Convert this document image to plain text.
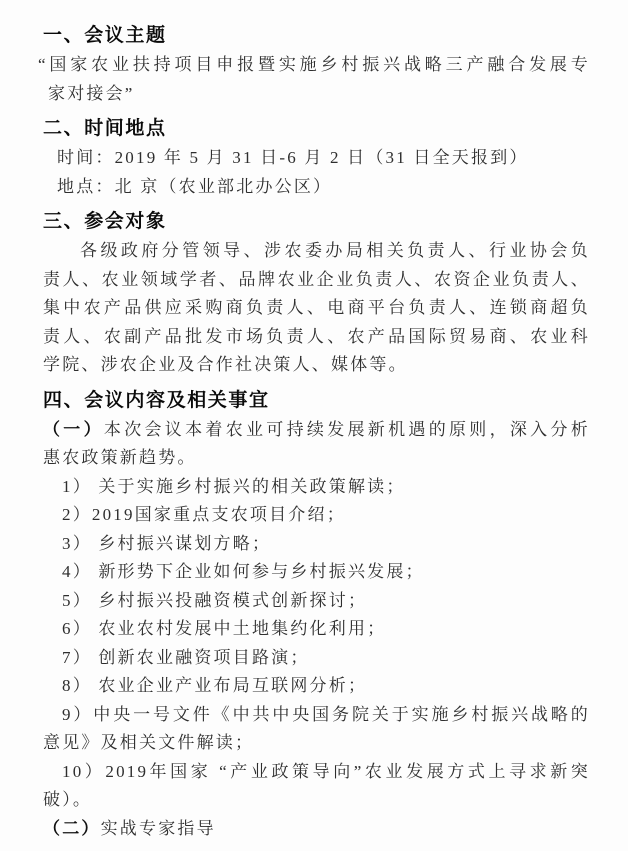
一、会议主题
“国家农业扶持项目申报暨实施乡村振兴战略三产融合发展专
家对接会”
二、时间地点
时间：2019 年 5 月 31 日-6 月 2 日（31 日全天报到）
地点：北 京（农业部北办公区）
三、参会对象
各级政府分管领导、涉农委办局相关负责人、行业协会负
责人、农业领域学者、品牌农业企业负责人、农资企业负责人、
集中农产品供应采购商负责人、电商平台负责人、连锁商超负
责人、农副产品批发市场负责人、农产品国际贸易商、农业科
学院、涉农企业及合作社决策人、媒体等。
四、会议内容及相关事宜
（一）本次会议本着农业可持续发展新机遇的原则，深入分析
惠农政策新趋势。
1） 关于实施乡村振兴的相关政策解读；
2）2019国家重点支农项目介绍；
3） 乡村振兴谋划方略；
4） 新形势下企业如何参与乡村振兴发展；
5） 乡村振兴投融资模式创新探讨；
6） 农业农村发展中土地集约化利用；
7） 创新农业融资项目路演；
8） 农业企业产业布局互联网分析；
9）中央一号文件《中共中央国务院关于实施乡村振兴战略的
意见》及相关文件解读；
10）2019年国家 “产业政策导向”农业发展方式上寻求新突
破）。
（二）实战专家指导
